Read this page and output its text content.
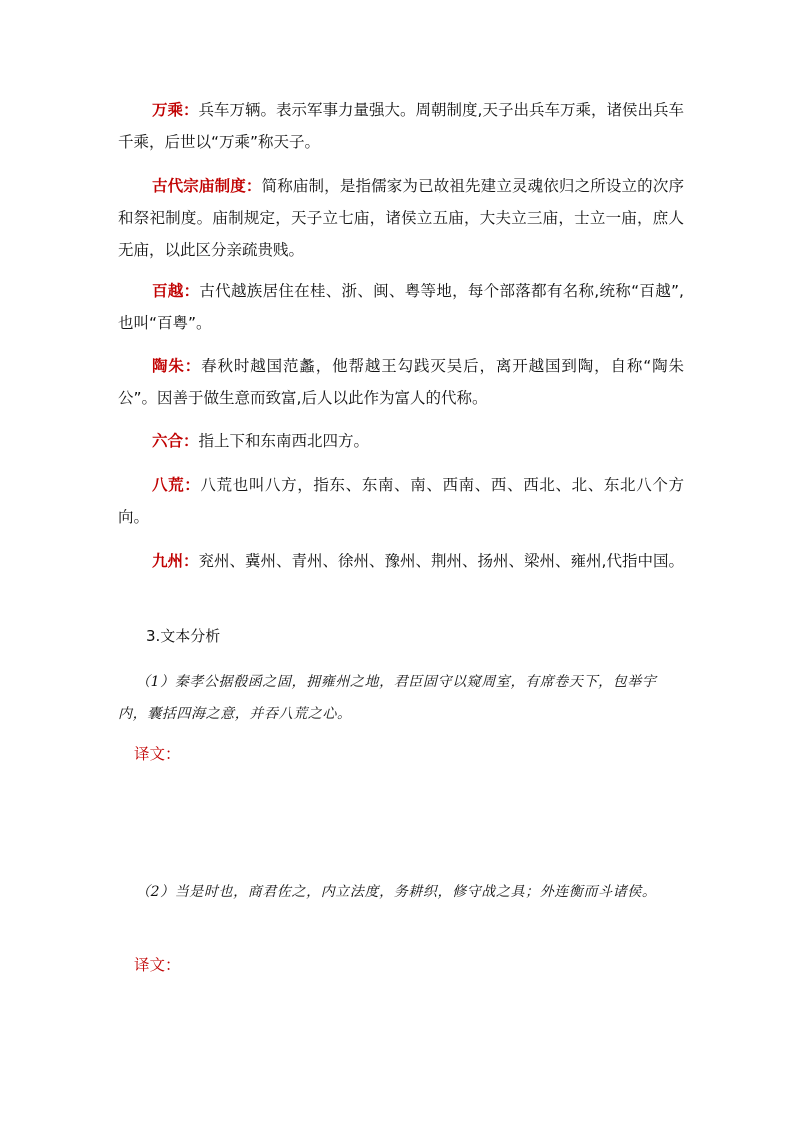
万乘：兵车万辆。表示军事力量强大。周朝制度,天子出兵车万乘，诸侯出兵车千乘，后世以“万乘”称天子。

古代宗庙制度：简称庙制，是指儒家为已故祖先建立灵魂依归之所设立的次序和祭祀制度。庙制规定，天子立七庙，诸侯立五庙，大夫立三庙，士立一庙，庶人无庙，以此区分亲疏贵贱。

百越：古代越族居住在桂、浙、闽、粤等地，每个部落都有名称,统称“百越”,也叫“百粤”。

陶朱：春秋时越国范蠡，他帮越王勾践灭吴后，离开越国到陶，自称“陶朱公”。因善于做生意而致富,后人以此作为富人的代称。

六合：指上下和东南西北四方。

八荒：八荒也叫八方，指东、东南、南、西南、西、西北、北、东北八个方向。

九州：兖州、冀州、青州、徐州、豫州、荆州、扬州、梁州、雍州,代指中国。

3.文本分析

（1）秦孝公据殽函之固，拥雍州之地，君臣固守以窥周室，有席卷天下，包举宇内，囊括四海之意，并吞八荒之心。

译文：

（2）当是时也，商君佐之，内立法度，务耕织，修守战之具；外连衡而斗诸侯。

译文：
